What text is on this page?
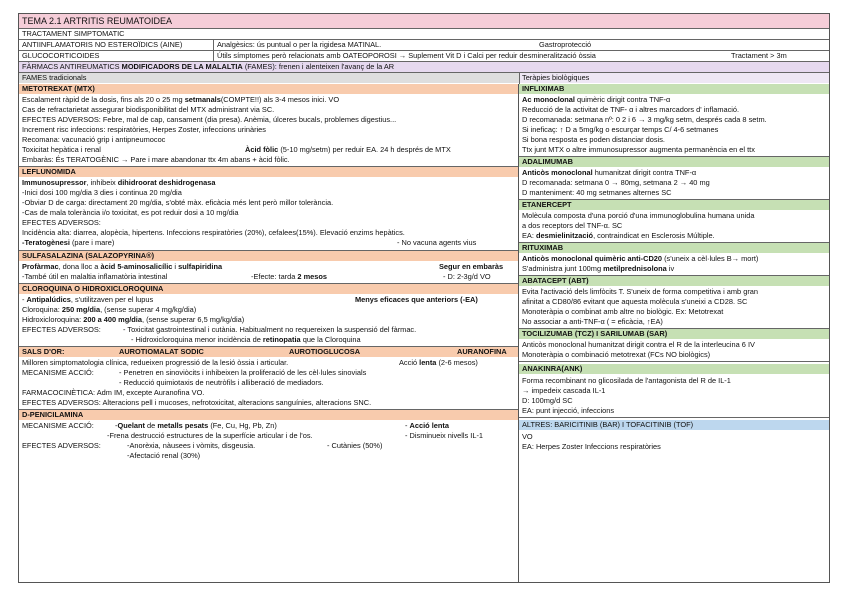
TEMA 2.1 ARTRITIS REUMATOIDEA
TRACTAMENT SIMPTOMATIC
ANTIINFLAMATORIS NO ESTEROÏDICS (AINE)	Analgèsics: ús puntual o per la rigidesa MATINAL.	Gastroprotecció
GLUCOCORTICOIDES	Útils símptomes però relacionats amb OATEOPOROSI → Suplement Vit D i Calci per reduir desmineralització òssia	Tractament > 3m
FÀRMACS ANTIREUMATICS MODIFICADORS DE LA MALALTIA (FAMES): frenen i alenteixen l'avanç de la AR
FAMES tradicionals	Teràpies biològiques
METOTREXAT (MTX)
Escalament ràpid de la dosis, fins als 20 o 25 mg setmanals(COMPTE!!) als 3-4 mesos inici. VO
Cas de refractarietat assegurar biodisponibilitat del MTX administrant via SC.
EFECTES ADVERSOS: Febre, mal de cap, cansament (dia presa). Anèmia, úlceres bucals, problemes digestius...
Increment risc infeccions: respiratòries, Herpes Zoster, infeccions urinàries
Recomana: vacunació grip i antipneumococ
Toxicitat hepàtica i renal	Àcid fòlic (5-10 mg/setm) per reduir EA. 24 h després de MTX
Embaràs: És TERATOGÈNIC → Pare i mare abandonar ttx 4m abans + àcid fòlic.
LEFLUNOMIDA
Immunosupressor, inhibeix dihidroorat deshidrogenasa
-Inici dosi 100 mg/dia 3 dies i continua 20 mg/dia
-Obviar D de carga: directament 20 mg/dia, s'obté màx. eficàcia més lent però millor tolerància.
-Cas de mala tolerància i/o toxicitat, es pot reduir dosi a 10 mg/dia
EFECTES ADVERSOS:
Incidència alta: diarrea, alopècia, hipertens. Infeccions respiratòries (20%), cefalees(15%). Elevació enzims hepàtics.
-Teratogènesi (pare i mare)	- No vacuna agents vius
SULFASALAZINA (SALAZOPYRINA®)
Profàrmac, dona lloc a àcid 5-aminosalicílic i sulfapiridina	Segur en embaràs
-També útil en malaltia inflamatòria intestinal	-Efecte: tarda 2 mesos	- D: 2-3g/d VO
CLOROQUINA O HIDROXICLOROQUINA
- Antipalúdics, s'utilitzaven per el lupus	Menys eficaces que anteriors (-EA)
Cloroquina: 250 mg/dia, (sense superar 4 mg/kg/dia)
Hidroxicloroquina: 200 a 400 mg/dia, (sense superar 6,5 mg/kg/dia)
EFECTES ADVERSOS:	- Toxicitat gastrointestinal i cutània. Habitualment no requereixen la suspensió del fàrmac.
- Hidroxicloroquina menor incidència de retinopatia que la Cloroquina
SALS D'OR:	AUROTIOMALAT SODIC	AUROTIOGLUCOSA	AURANOFINA
Milloren simptomatologia clínica, redueixen progressió de la lesió òssia i articular.	Acció lenta (2-6 mesos)
MECANISME ACCIÓ:	- Penetren en sinoviòcits i inhibeixen la proliferació de les cèl·lules sinovials
- Reducció quimiotaxis de neutròfils i alliberació de mediadors.
FARMACOCINÈTICA: Adm IM, excepte Auranofina VO.
EFECTES ADVERSOS: Alteracions pell i mucoses, nefrotoxicitat, alteracions sanguínies, alteracions SNC.
D-PENICILAMINA
MECANISME ACCIÓ:	-Quelant de metalls pesats (Fe, Cu, Hg, Pb, Zn)	- Acció lenta
-Frena destrucció estructures de la superfície articular i de l'os.	- Disminueix nivells IL-1
EFECTES ADVERSOS:	-Anorèxia, nàusees i vòmits, disgeusia.	- Cutànies (50%)
-Afectació renal (30%)
INFLIXIMAB
Ac monoclonal quimèric dirigit contra TNF-α
Reducció de la activitat de TNF- α i altres marcadors d' inflamació.
D recomanada: setmana nº: 0 2 i 6 → 3 mg/kg setm, després cada 8 setm.
Si ineficaç: ↑ D a 5mg/kg o escurçar temps C/ 4-6 setmanes
Si bona resposta es poden distanciar dosis.
Ttx junt MTX o altre immunosupressor augmenta permanència en el ttx
ADALIMUMAB
Anticòs monoclonal humanitzat dirigit contra TNF-α
D recomanada: setmana 0 → 80mg, setmana 2 → 40 mg
D manteniment: 40 mg setmanes alternes SC
ETANERCEPT
Molècula composta d'una porció d'una immunoglobulina humana unida
a dos receptors del TNF-α. SC
EA: desmielinització, contraindicat en Esclerosis Múltiple.
RITUXIMAB
Anticòs monoclonal quimèric anti-CD20 (s'uneix a cèl·lules B→ mort)
S'administra junt 100mg metilprednisolona iv
ABATACEPT (ABT)
Evita l'activació dels limfòcits T. S'uneix de forma competitiva i amb gran
afinitat a CD80/86 evitant que aquesta molècula s'uneixi a CD28. SC
Monoteràpia o combinat amb altre no biològic. Ex: Metotrexat
No associar a anti-TNF-α ( = eficàcia, ↑EA)
TOCILIZUMAB (TCZ) I SARILUMAB (SAR)
Anticòs monoclonal humanitzat dirigit contra el R de la interleucina 6 IV
Monoteràpia o combinació metotrexat (FCs NO biològics)
ANAKINRA(ANK)
Forma recombinant no glicosilada de l'antagonista del R de IL-1
→ impedeix cascada IL-1
D: 100mg/d SC
EA: punt injecció, infeccions
ALTRES: BARICITINIB (BAR) I TOFACITINIB (TOF)
VO
EA: Herpes Zoster Infeccions respiratòries
